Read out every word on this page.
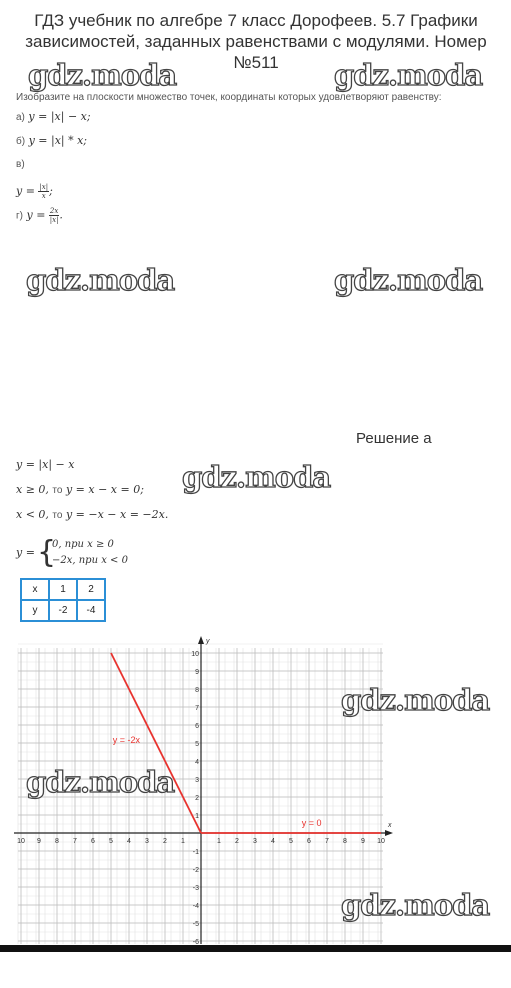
ГДЗ учебник по алгебре 7 класс Дорофеев. 5.7 Графики зависимостей, заданных равенствами с модулями. Номер №511
gdz.moda	gdz.moda
gdz.moda	gdz.moda
gdz.moda
Изобразите на плоскости множество точек, координаты которых удовлетворяют равенству:
а) y = |x| − x;
б) y = |x| * x;
в)
$y = \frac{|x|}{x}$ ;
г) $y = \frac{2x}{|x|}$ .
Решение а
y = |x| − x
x ≥ 0, то y = x − x = 0;
x < 0, то y = −x − x = −2x.
y = {
0, при x ≥ 0
−2x, при x < 0
x	1	2
y	-2	-4
x
y
10 9 8 7 6 5 4 3 2 1	1 2 3 4 5 6 7 8 9 10
-6
-5
-4
-3
-2
-1
1
2
3
4
5
6
7
8
9
10
y = -2x
y = 0
gdz.moda
gdz.moda
gdz.moda
